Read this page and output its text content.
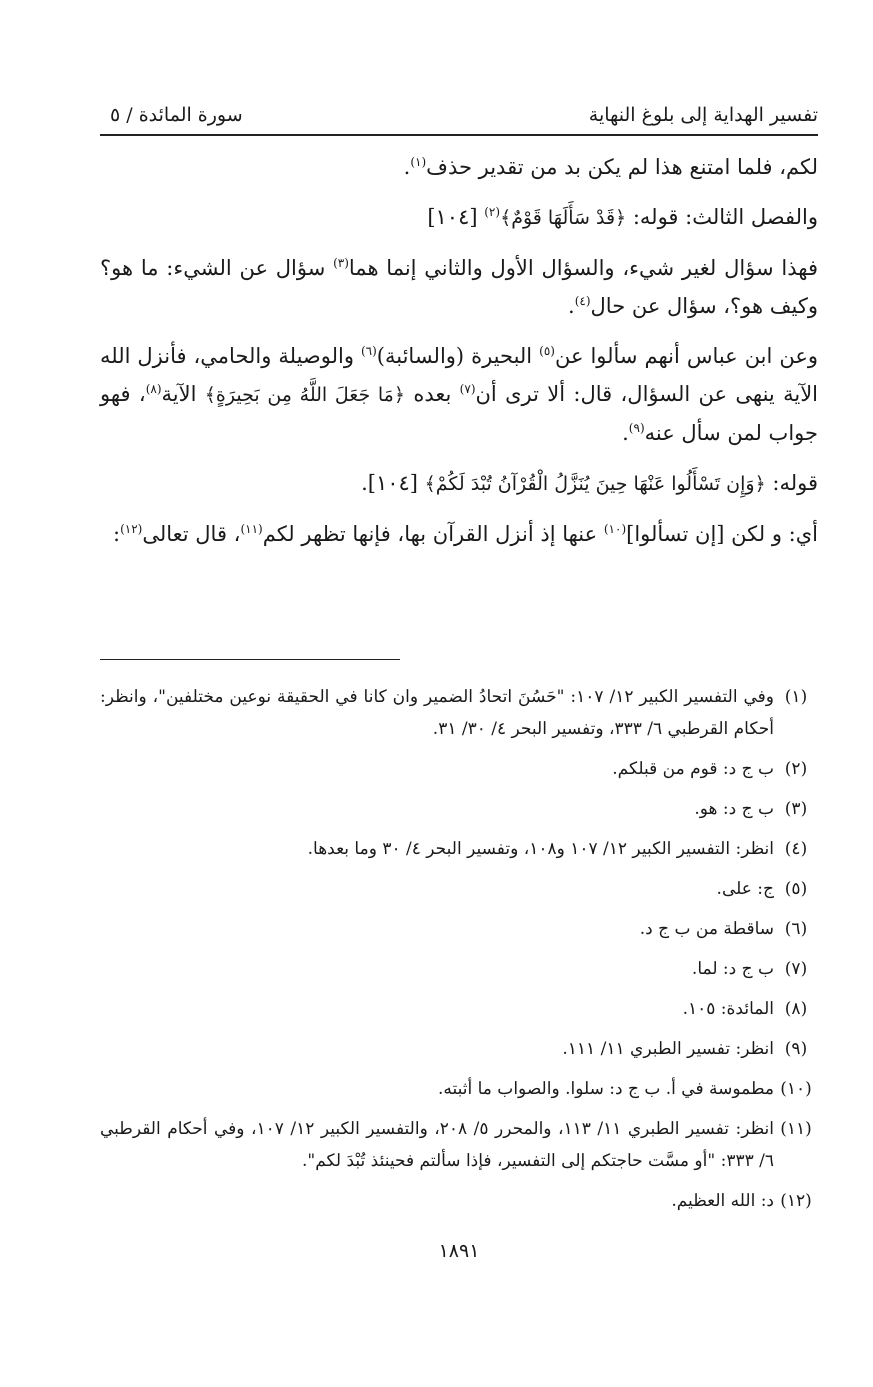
تفسير الهداية إلى بلوغ النهاية
سورة المائدة / ٥

لكم، فلما امتنع هذا لم يكن بد من تقدير حذف$^{(١)}$.

والفصل الثالث: قوله: ﴿قَدْ سَأَلَهَا قَوْمٌ﴾$^{(٢)}$ [١٠٤]

فهذا سؤال لغير شيء، والسؤال الأول والثاني إنما هما$^{(٣)}$ سؤال عن الشيء: ما هو؟ وكيف هو؟، سؤال عن حال$^{(٤)}$.

وعن ابن عباس أنهم سألوا عن$^{(٥)}$ البحيرة (والسائبة)$^{(٦)}$ والوصيلة والحامي، فأنزل الله الآية ينهى عن السؤال، قال: ألا ترى أن$^{(٧)}$ بعده ﴿مَا جَعَلَ اللَّهُ مِن بَحِيرَةٍ﴾ الآية$^{(٨)}$، فهو جواب لمن سأل عنه$^{(٩)}$.

قوله: ﴿وَإِن تَسْأَلُوا عَنْهَا حِينَ يُنَزَّلُ الْقُرْآنُ تُبْدَ لَكُمْ﴾ [١٠٤].

أي: و لكن [إن تسألوا]$^{(١٠)}$ عنها إذ أنزل القرآن بها، فإنها تظهر لكم$^{(١١)}$، قال تعالى$^{(١٢)}$:

(١)
وفي التفسير الكبير ١٢/ ١٠٧: "حَسُنَ اتحادُ الضمير وان كانا في الحقيقة نوعين مختلفين"، وانظر: أحكام القرطبي ٦/ ٣٣٣، وتفسير البحر ٤/ ٣٠/ ٣١.
(٢)
ب ج د: قوم من قبلكم.
(٣)
ب ج د: هو.
(٤)
انظر: التفسير الكبير ١٢/ ١٠٧ و١٠٨، وتفسير البحر ٤/ ٣٠ وما بعدها.
(٥)
ج: على.
(٦)
ساقطة من ب ج د.
(٧)
ب ج د: لما.
(٨)
المائدة: ١٠٥.
(٩)
انظر: تفسير الطبري ١١/ ١١١.
(١٠)
مطموسة في أ. ب ج د: سلوا. والصواب ما أثبته.
(١١)
انظر: تفسير الطبري ١١/ ١١٣، والمحرر ٥/ ٢٠٨، والتفسير الكبير ١٢/ ١٠٧، وفي أحكام القرطبي ٦/ ٣٣٣: "أو مسَّت حاجتكم إلى التفسير، فإذا سألتم فحينئذ تُبْدَ لكم".
(١٢)
د: الله العظيم.
١٨٩١
